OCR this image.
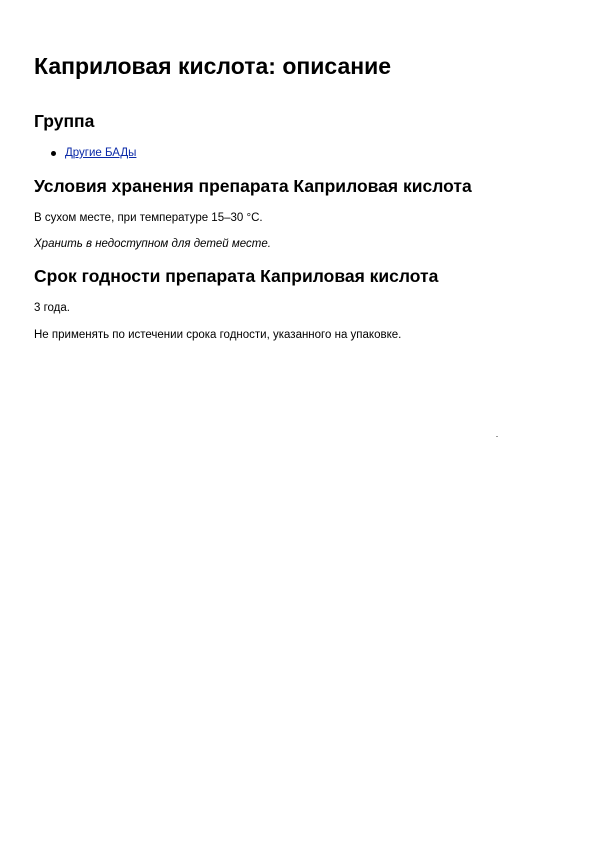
Каприловая кислота: описание
Группа
Другие БАДы
Условия хранения препарата Каприловая кислота

В сухом месте, при температуре 15–30 °C.

Хранить в недоступном для детей месте.

Срок годности препарата Каприловая кислота

3 года.

Не применять по истечении срока годности, указанного на упаковке.
